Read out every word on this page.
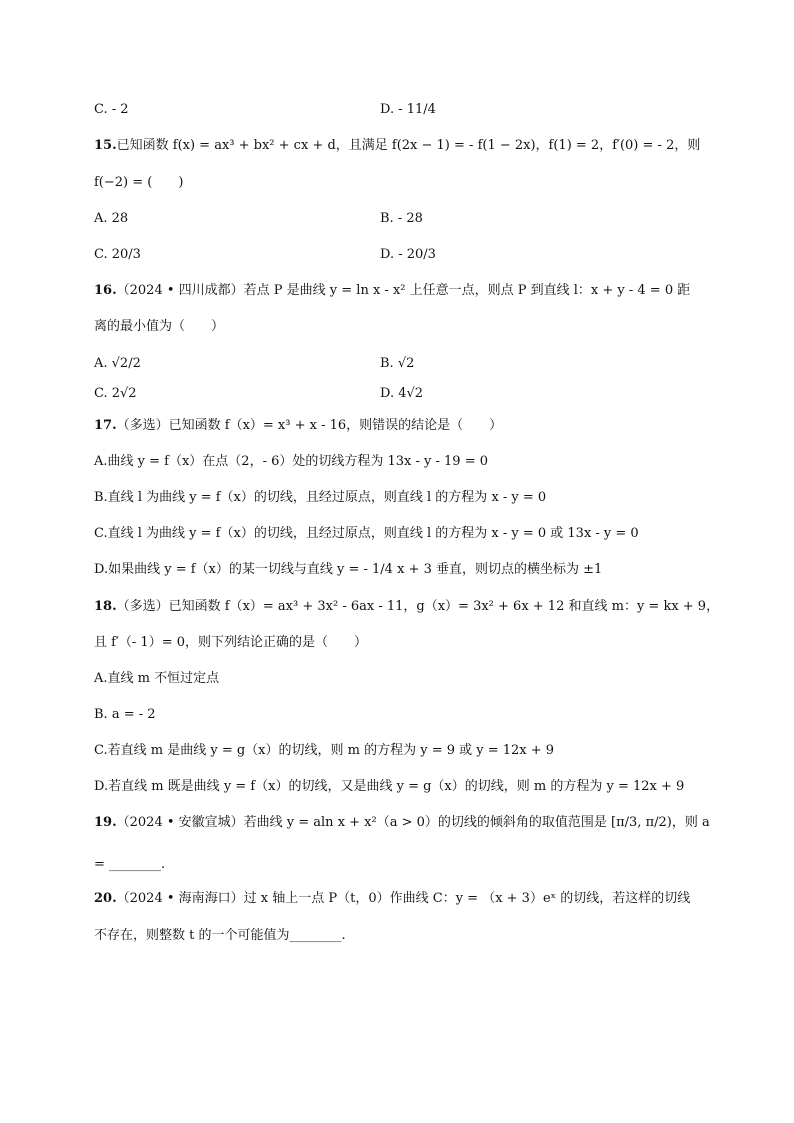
C. - 2	D. - 11/4
15.已知函数 f(x) = ax³ + bx² + cx + d，且满足 f(2x − 1) = - f(1 − 2x)，f(1) = 2，f′(0) = - 2，则
f(−2) = (　　)
A. 28	B. - 28
C. 20/3	D. - 20/3
16.（2024 • 四川成都）若点 P 是曲线 y = ln x - x² 上任意一点，则点 P 到直线 l：x + y - 4 = 0 距
离的最小值为（　　）
A. √2/2	B. √2
C. 2√2	D. 4√2
17.（多选）已知函数 f（x）= x³ + x - 16，则错误的结论是（　　）
A.曲线 y = f（x）在点（2，- 6）处的切线方程为 13x - y - 19 = 0
B.直线 l 为曲线 y = f（x）的切线，且经过原点，则直线 l 的方程为 x - y = 0
C.直线 l 为曲线 y = f（x）的切线，且经过原点，则直线 l 的方程为 x - y = 0 或 13x - y = 0
D.如果曲线 y = f（x）的某一切线与直线 y = - 1/4 x + 3 垂直，则切点的横坐标为 ±1
18.（多选）已知函数 f（x）= ax³ + 3x² - 6ax - 11，g（x）= 3x² + 6x + 12 和直线 m：y = kx + 9，
且 f′（- 1）= 0，则下列结论正确的是（　　）
A.直线 m 不恒过定点
B. a = - 2
C.若直线 m 是曲线 y = g（x）的切线，则 m 的方程为 y = 9 或 y = 12x + 9
D.若直线 m 既是曲线 y = f（x）的切线，又是曲线 y = g（x）的切线，则 m 的方程为 y = 12x + 9
19.（2024 • 安徽宣城）若曲线 y = aln x + x²（a > 0）的切线的倾斜角的取值范围是 [π/3, π/2)，则 a
= ________.
20.（2024 • 海南海口）过 x 轴上一点 P（t，0）作曲线 C：y = （x + 3）eˣ 的切线，若这样的切线
不存在，则整数 t 的一个可能值为________.
